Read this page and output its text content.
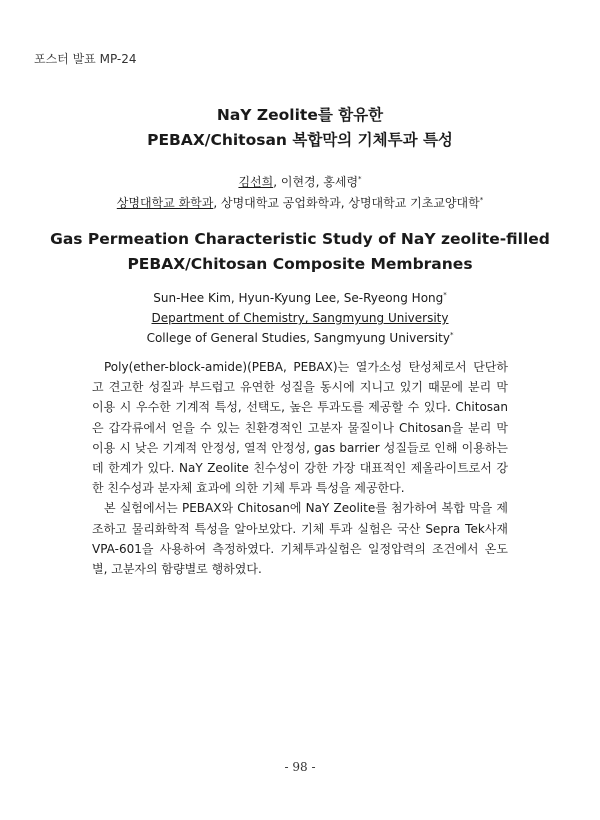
포스터 발표 MP-24
NaY Zeolite를 함유한
PEBAX/Chitosan 복합막의 기체투과 특성
김선희, 이현경, 홍세령*
상명대학교 화학과, 상명대학교 공업화학과, 상명대학교 기초교양대학*
Gas Permeation Characteristic Study of NaY zeolite-filled
PEBAX/Chitosan Composite Membranes
Sun-Hee Kim, Hyun-Kyung Lee, Se-Ryeong Hong*
Department of Chemistry, Sangmyung University
College of General Studies, Sangmyung University*

Poly(ether-block-amide)(PEBA, PEBAX)는 열가소성 탄성체로서 단단하고 견고한 성질과 부드럽고 유연한 성질을 동시에 지니고 있기 때문에 분리 막 이용 시 우수한 기계적 특성, 선택도, 높은 투과도를 제공할 수 있다. Chitosan은 갑각류에서 얻을 수 있는 친환경적인 고분자 물질이나 Chitosan을 분리 막 이용 시 낮은 기계적 안정성, 열적 안정성, gas barrier 성질들로 인해 이용하는데 한계가 있다. NaY Zeolite 친수성이 강한 가장 대표적인 제올라이트로서 강한 친수성과 분자체 효과에 의한 기체 투과 특성을 제공한다.

본 실험에서는 PEBAX와 Chitosan에 NaY Zeolite를 첨가하여 복합 막을 제조하고 물리화학적 특성을 알아보았다. 기체 투과 실험은 국산 Sepra Tek사재 VPA-601을 사용하여 측정하였다. 기체투과실험은 일정압력의 조건에서 온도별, 고분자의 함량별로 행하였다.

- 98 -
